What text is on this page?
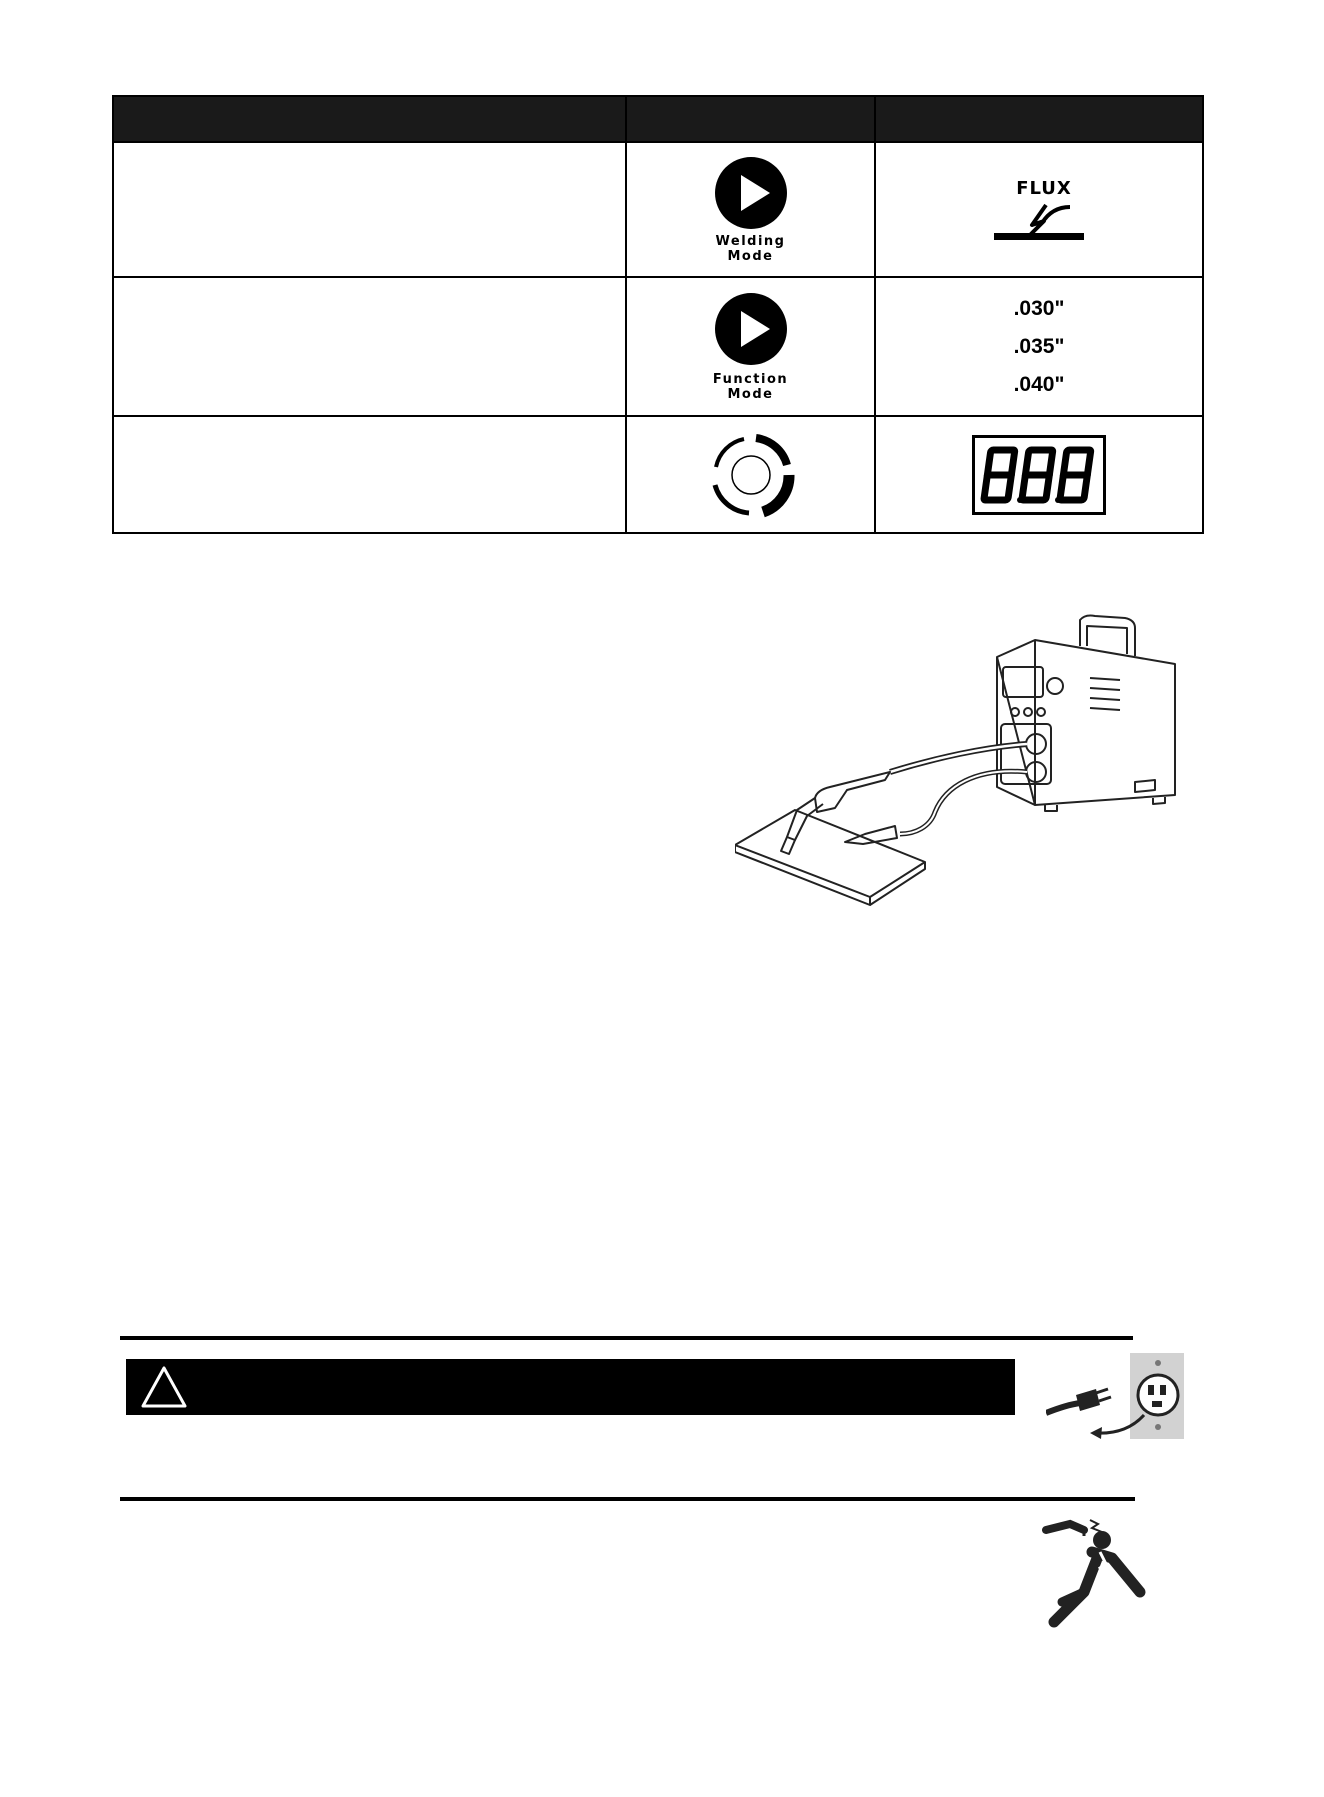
Welding
Mode
FLUX
Function
Mode
.030"
.035"
.040"
